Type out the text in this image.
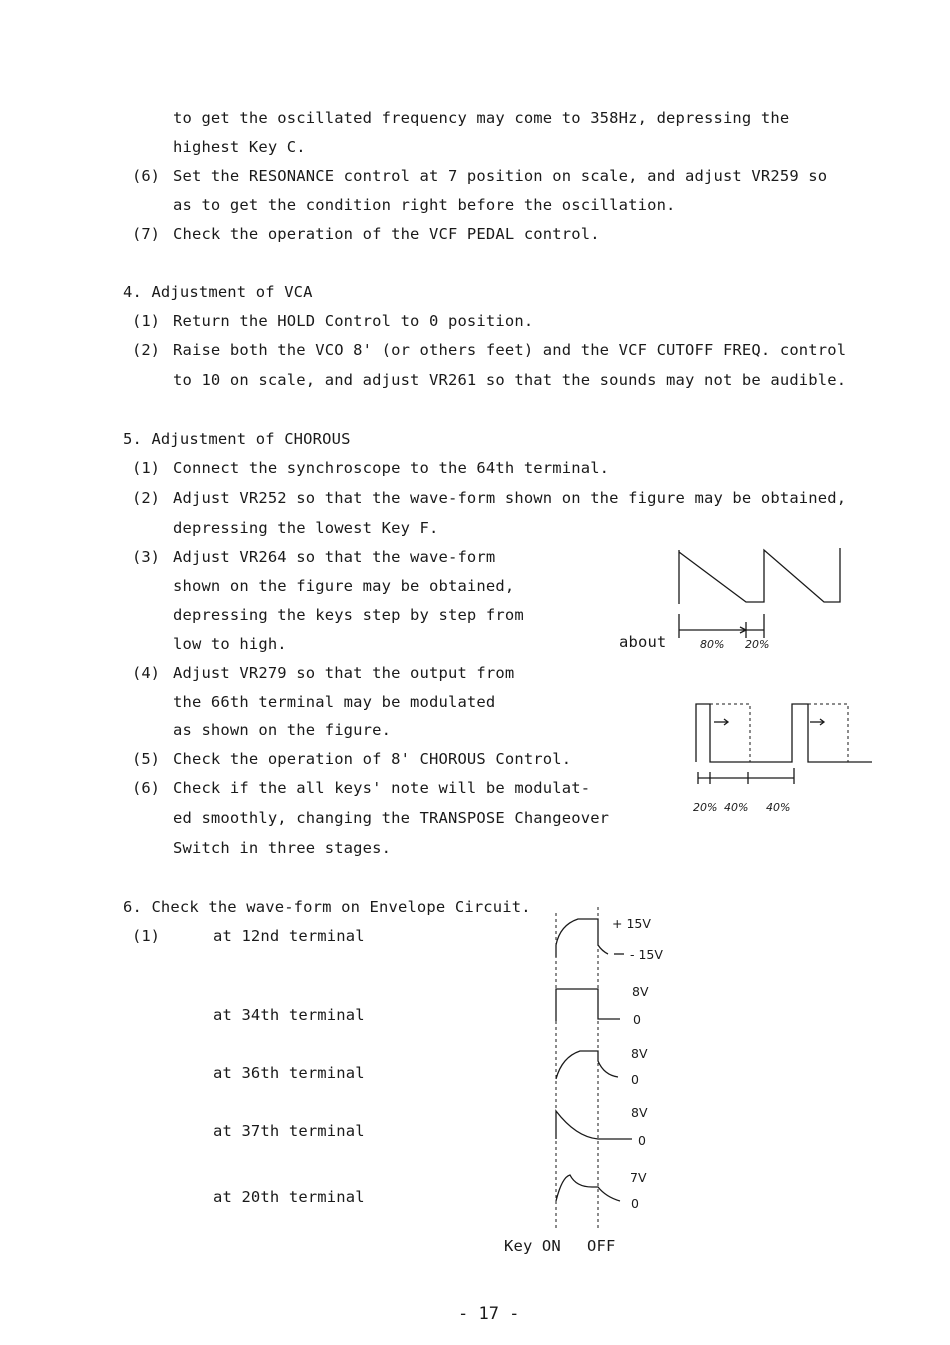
to get the oscillated frequency may come to 358Hz, depressing the
highest Key C.
(6) Set the RESONANCE control at 7 position on scale, and adjust VR259 so
as to get the condition right before the oscillation.
(7) Check the operation of the VCF PEDAL control.
4. Adjustment of VCA
(1) Return the HOLD Control to 0 position.
(2) Raise both the VCO 8' (or others feet) and the VCF CUTOFF FREQ. control
to 10 on scale, and adjust VR261 so that the sounds may not be audible.
5. Adjustment of CHOROUS
(1) Connect the synchroscope to the 64th terminal.
(2) Adjust VR252 so that the wave-form shown on the figure may be obtained,
depressing the lowest Key F.
(3) Adjust VR264 so that the wave-form
shown on the figure may be obtained,
depressing the keys step by step from
low to high.
(4) Adjust VR279 so that the output from
the 66th terminal may be modulated
as shown on the figure.
(5) Check the operation of 8' CHOROUS Control.
(6) Check if the all keys' note will be modulat-
ed smoothly, changing the TRANSPOSE Changeover
Switch in three stages.
about	80% 20%
20% 40% 40%
6. Check the wave-form on Envelope Circuit.
(1)	at 12nd terminal
at 34th terminal
at 36th terminal
at 37th terminal
at 20th terminal
+ 15V
- 15V
8V
0
8V
0
8V
0
7V
0
Key ON OFF
- 17 -
